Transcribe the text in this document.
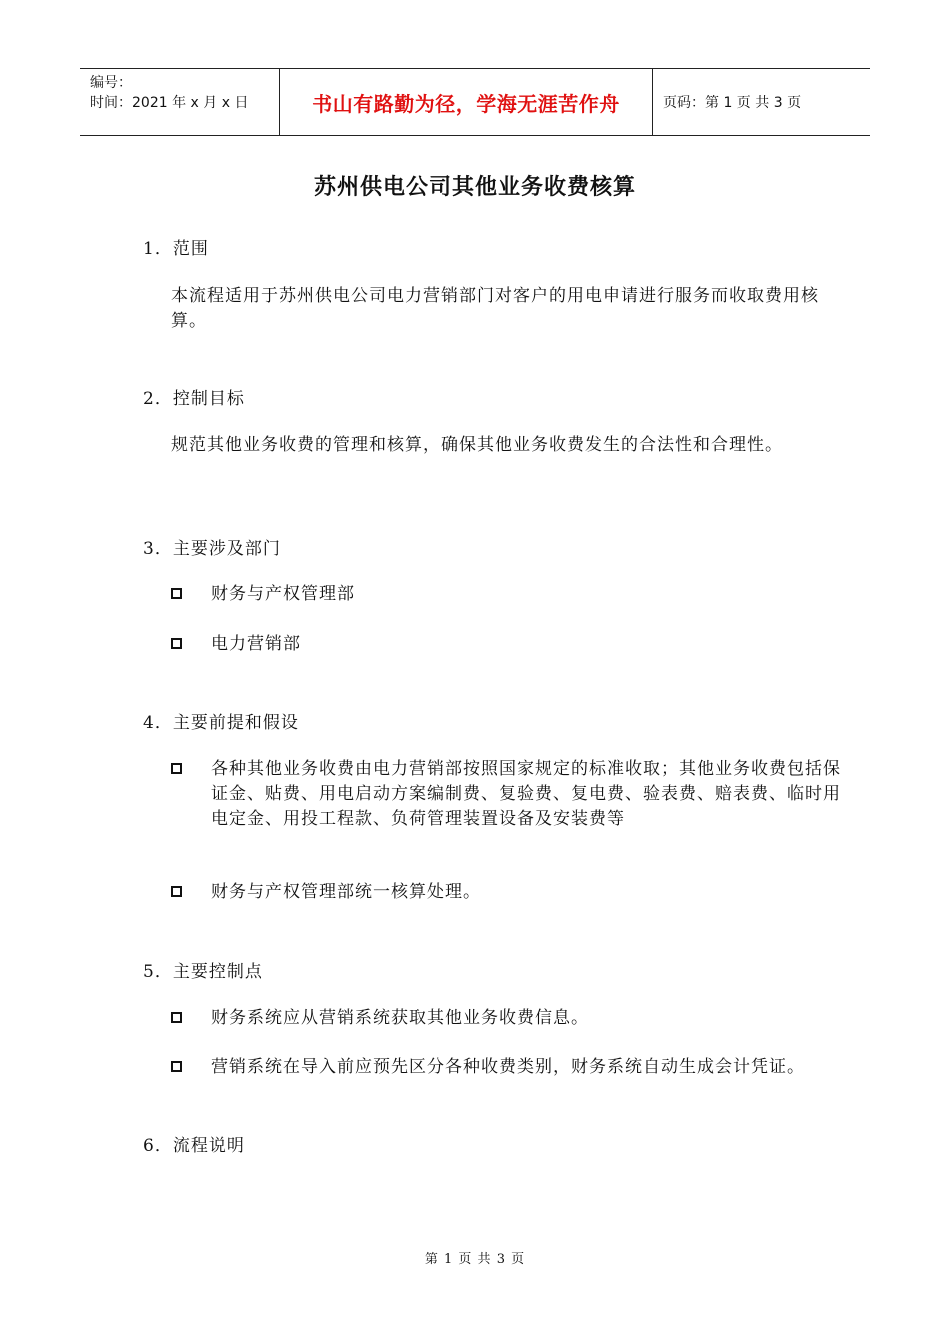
编号：
时间：2021 年 x 月 x 日	书山有路勤为径，学海无涯苦作舟	页码：第 1 页 共 3 页
苏州供电公司其他业务收费核算
1．范围
本流程适用于苏州供电公司电力营销部门对客户的用电申请进行服务而收取费用核算。
2．控制目标
规范其他业务收费的管理和核算，确保其他业务收费发生的合法性和合理性。
3．主要涉及部门
财务与产权管理部
电力营销部
4．主要前提和假设
各种其他业务收费由电力营销部按照国家规定的标准收取；其他业务收费包括保证金、贴费、用电启动方案编制费、复验费、复电费、验表费、赔表费、临时用电定金、用投工程款、负荷管理装置设备及安装费等
财务与产权管理部统一核算处理。
5．主要控制点
财务系统应从营销系统获取其他业务收费信息。
营销系统在导入前应预先区分各种收费类别，财务系统自动生成会计凭证。
6．流程说明
第 1 页 共 3 页
